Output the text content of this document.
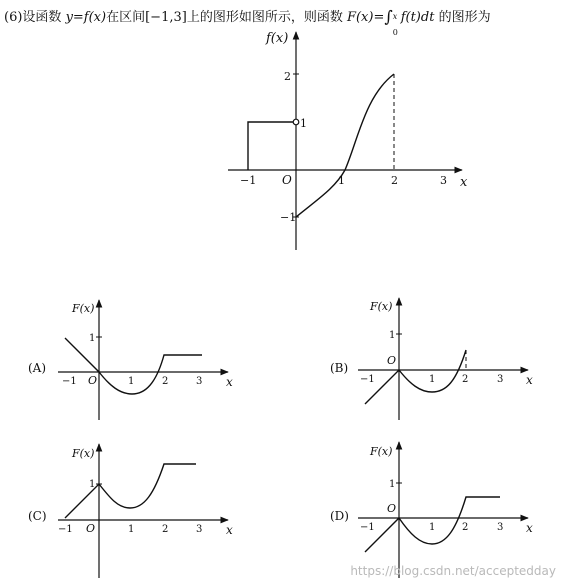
(6)设函数 y=f(x)在区间[−1,3]上的图形如图所示，则函数 F(x)=∫ x
0
f(t)dt 的图形为
f(x)
x
O
−1	1	2	3
2
1
−1
F(x)
x
O
−1	1	2	3
1
(A)
F(x)
x
O
−1	1	2	3
1
(B)
F(x)
x
O
−1	1	2	3
1
(C)
F(x)
x
O
−1	1	2	3
1
(D)
https://blog.csdn.net/acceptedday
